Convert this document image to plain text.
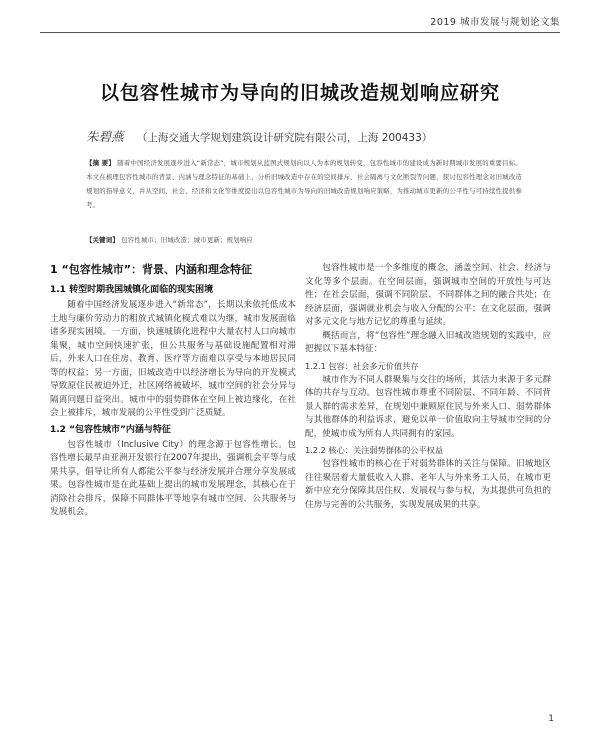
2019 城市发展与规划论文集
以包容性城市为导向的旧城改造规划响应研究
朱碧燕 （上海交通大学规划建筑设计研究院有限公司，上海 200433）
【摘 要】 随着中国经济发展逐步进入“新常态”，城市规划从蓝图式规划向以人为本的规划转变，包容性城市的建设成为新时期城市发展的重要目标。本文在梳理包容性城市的背景、内涵与理念特征的基础上，分析旧城改造中存在的空间排斥、社会隔离与文化断裂等问题，探讨包容性理念对旧城改造规划的指导意义，并从空间、社会、经济和文化等维度提出以包容性城市为导向的旧城改造规划响应策略，为推动城市更新的公平性与可持续性提供参考。
【关键词】 包容性城市；旧城改造；城市更新；规划响应
1 “包容性城市”：背景、内涵和理念特征
1.1 转型时期我国城镇化面临的现实困境

随着中国经济发展逐步进入“新常态”，长期以来依托低成本土地与廉价劳动力的粗放式城镇化模式难以为继，城市发展面临诸多现实困境。一方面，快速城镇化进程中大量农村人口向城市集聚，城市空间快速扩张，但公共服务与基础设施配置相对滞后，外来人口在住房、教育、医疗等方面难以享受与本地居民同等的权益；另一方面，旧城改造中以经济增长为导向的开发模式导致原住民被迫外迁，社区网络被破坏，城市空间的社会分异与隔离问题日益突出。城市中的弱势群体在空间上被边缘化，在社会上被排斥，城市发展的公平性受到广泛质疑。

1.2 “包容性城市”内涵与特征

包容性城市（Inclusive City）的理念源于包容性增长。包容性增长最早由亚洲开发银行在2007年提出，强调机会平等与成果共享，倡导让所有人都能公平参与经济发展并合理分享发展成果。包容性城市是在此基础上提出的城市发展理念，其核心在于消除社会排斥，保障不同群体平等地享有城市空间、公共服务与发展机会。

包容性城市是一个多维度的概念，涵盖空间、社会、经济与文化等多个层面。在空间层面，强调城市空间的开放性与可达性；在社会层面，强调不同阶层、不同群体之间的融合共处；在经济层面，强调就业机会与收入分配的公平；在文化层面，强调对多元文化与地方记忆的尊重与延续。

概括而言，将“包容性”理念融入旧城改造规划的实践中，应把握以下基本特征：

1.2.1 包容：社会多元价值共存

城市作为不同人群聚集与交往的场所，其活力来源于多元群体的共存与互动。包容性城市尊重不同阶层、不同年龄、不同背景人群的需求差异，在规划中兼顾原住民与外来人口、弱势群体与其他群体的利益诉求，避免以单一价值取向主导城市空间的分配，使城市成为所有人共同拥有的家园。

1.2.2 核心：关注弱势群体的公平权益

包容性城市的核心在于对弱势群体的关注与保障。旧城地区往往聚居着大量低收入人群、老年人与外来务工人员，在城市更新中应充分保障其居住权、发展权与参与权，为其提供可负担的住房与完善的公共服务，实现发展成果的共享。

1
